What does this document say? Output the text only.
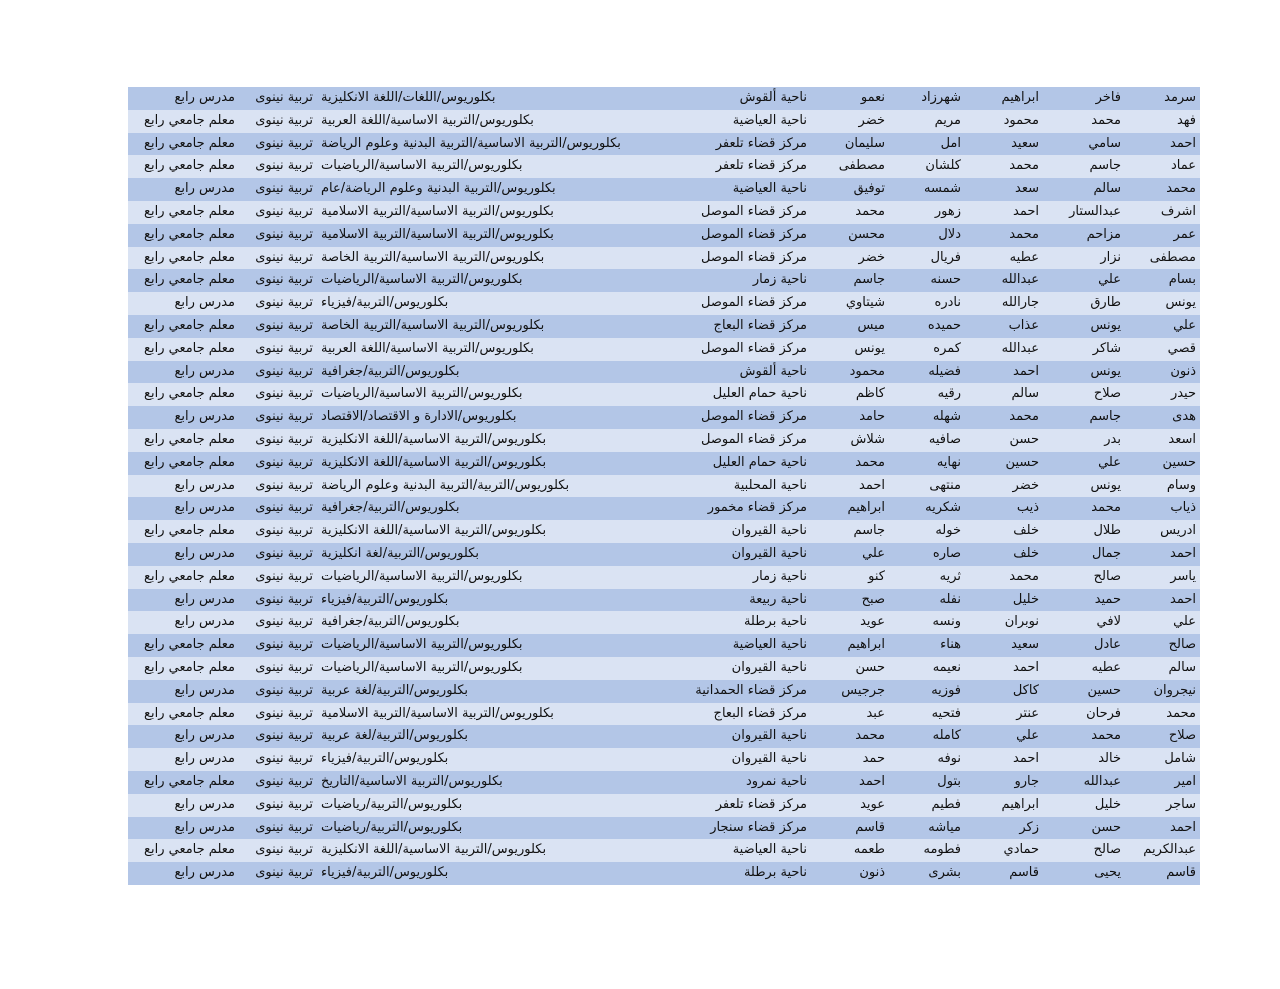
سرمد	فاخر	ابراهيم	شهرزاد	نعمو	ناحية ألقوش	بكلوريوس/اللغات/اللغة الانكليزية	تربية نينوى	مدرس رابع
فهد	محمد	محمود	مريم	خضر	ناحية العياضية	بكلوريوس/التربية الاساسية/اللغة العربية	تربية نينوى	معلم جامعي رابع
احمد	سامي	سعيد	امل	سليمان	مركز قضاء تلعفر	بكلوريوس/التربية الاساسية/التربية البدنية وعلوم الرياضة	تربية نينوى	معلم جامعي رابع
عماد	جاسم	محمد	كلشان	مصطفى	مركز قضاء تلعفر	بكلوريوس/التربية الاساسية/الرياضيات	تربية نينوى	معلم جامعي رابع
محمد	سالم	سعد	شمسه	توفيق	ناحية العياضية	بكلوريوس/التربية البدنية وعلوم الرياضة/عام	تربية نينوى	مدرس رابع
اشرف	عبدالستار	احمد	زهور	محمد	مركز قضاء الموصل	بكلوريوس/التربية الاساسية/التربية الاسلامية	تربية نينوى	معلم جامعي رابع
عمر	مزاحم	محمد	دلال	محسن	مركز قضاء الموصل	بكلوريوس/التربية الاساسية/التربية الاسلامية	تربية نينوى	معلم جامعي رابع
مصطفى	نزار	عطيه	فريال	خضر	مركز قضاء الموصل	بكلوريوس/التربية الاساسية/التربية الخاصة	تربية نينوى	معلم جامعي رابع
بسام	علي	عبدالله	حسنه	جاسم	ناحية زمار	بكلوريوس/التربية الاساسية/الرياضيات	تربية نينوى	معلم جامعي رابع
يونس	طارق	جارالله	نادره	شيتاوي	مركز قضاء الموصل	بكلوريوس/التربية/فيزياء	تربية نينوى	مدرس رابع
علي	يونس	عذاب	حميده	ميس	مركز قضاء البعاج	بكلوريوس/التربية الاساسية/التربية الخاصة	تربية نينوى	معلم جامعي رابع
قصي	شاكر	عبدالله	كمره	يونس	مركز قضاء الموصل	بكلوريوس/التربية الاساسية/اللغة العربية	تربية نينوى	معلم جامعي رابع
ذنون	يونس	احمد	فضيله	محمود	ناحية ألقوش	بكلوريوس/التربية/جغرافية	تربية نينوى	مدرس رابع
حيدر	صلاح	سالم	رقيه	كاظم	ناحية حمام العليل	بكلوريوس/التربية الاساسية/الرياضيات	تربية نينوى	معلم جامعي رابع
هدى	جاسم	محمد	شهله	حامد	مركز قضاء الموصل	بكلوريوس/الادارة و الاقتصاد/الاقتصاد	تربية نينوى	مدرس رابع
اسعد	بدر	حسن	صافيه	شلاش	مركز قضاء الموصل	بكلوريوس/التربية الاساسية/اللغة الانكليزية	تربية نينوى	معلم جامعي رابع
حسين	علي	حسين	نهايه	محمد	ناحية حمام العليل	بكلوريوس/التربية الاساسية/اللغة الانكليزية	تربية نينوى	معلم جامعي رابع
وسام	يونس	خضر	منتهى	احمد	ناحية المحلبية	بكلوريوس/التربية/التربية البدنية وعلوم الرياضة	تربية نينوى	مدرس رابع
ذياب	محمد	ذيب	شكريه	ابراهيم	مركز قضاء مخمور	بكلوريوس/التربية/جغرافية	تربية نينوى	مدرس رابع
ادريس	طلال	خلف	خوله	جاسم	ناحية القيروان	بكلوريوس/التربية الاساسية/اللغة الانكليزية	تربية نينوى	معلم جامعي رابع
احمد	جمال	خلف	صاره	علي	ناحية القيروان	بكلوريوس/التربية/لغة انكليزية	تربية نينوى	مدرس رابع
ياسر	صالح	محمد	ثريه	كنو	ناحية زمار	بكلوريوس/التربية الاساسية/الرياضيات	تربية نينوى	معلم جامعي رابع
احمد	حميد	خليل	نفله	صبح	ناحية ربيعة	بكلوريوس/التربية/فيزياء	تربية نينوى	مدرس رابع
علي	لافي	نوبران	ونسه	عويد	ناحية برطلة	بكلوريوس/التربية/جغرافية	تربية نينوى	مدرس رابع
صالح	عادل	سعيد	هناء	ابراهيم	ناحية العياضية	بكلوريوس/التربية الاساسية/الرياضيات	تربية نينوى	معلم جامعي رابع
سالم	عطيه	احمد	نعيمه	حسن	ناحية القيروان	بكلوريوس/التربية الاساسية/الرياضيات	تربية نينوى	معلم جامعي رابع
نيجروان	حسين	كاكل	فوزيه	جرجيس	مركز قضاء الحمدانية	بكلوريوس/التربية/لغة عربية	تربية نينوى	مدرس رابع
محمد	فرحان	عنتر	فتحيه	عبد	مركز قضاء البعاج	بكلوريوس/التربية الاساسية/التربية الاسلامية	تربية نينوى	معلم جامعي رابع
صلاح	محمد	علي	كامله	محمد	ناحية القيروان	بكلوريوس/التربية/لغة عربية	تربية نينوى	مدرس رابع
شامل	خالد	احمد	نوفه	حمد	ناحية القيروان	بكلوريوس/التربية/فيزياء	تربية نينوى	مدرس رابع
امير	عبدالله	جارو	بتول	احمد	ناحية نمرود	بكلوريوس/التربية الاساسية/التاريخ	تربية نينوى	معلم جامعي رابع
ساجر	خليل	ابراهيم	فطيم	عويد	مركز قضاء تلعفر	بكلوريوس/التربية/رياضيات	تربية نينوى	مدرس رابع
احمد	حسن	زكر	مياشه	قاسم	مركز قضاء سنجار	بكلوريوس/التربية/رياضيات	تربية نينوى	مدرس رابع
عبدالكريم	صالح	حمادي	فطومه	طعمه	ناحية العياضية	بكلوريوس/التربية الاساسية/اللغة الانكليزية	تربية نينوى	معلم جامعي رابع
قاسم	يحيى	قاسم	بشرى	ذنون	ناحية برطلة	بكلوريوس/التربية/فيزياء	تربية نينوى	مدرس رابع
